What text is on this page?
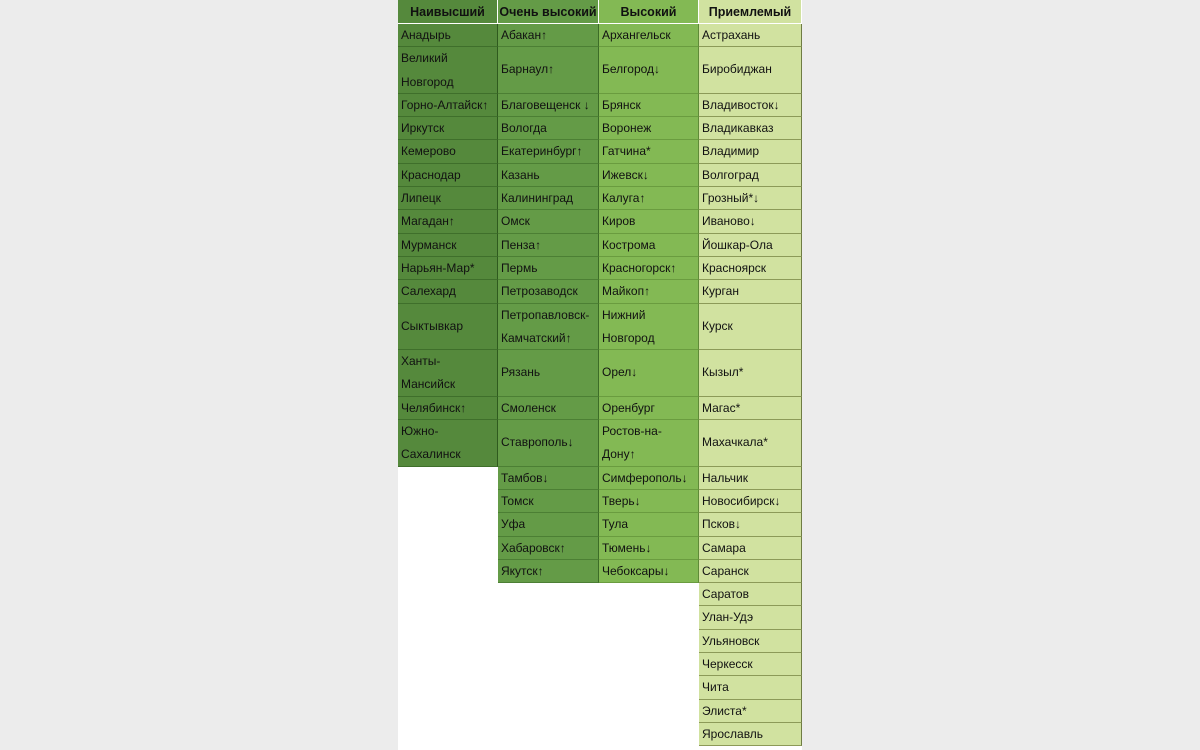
Наивысший
Анадырь
Великий Новгород
Горно-Алтайск↑
Иркутск
Кемерово
Краснодар
Липецк
Магадан↑
Мурманск
Нарьян-Мар*
Салехард
Сыктывкар
Ханты-Мансийск
Челябинск↑
Южно-Сахалинск
Очень высокий
Абакан↑
Барнаул↑
Благовещенск ↓
Вологда
Екатеринбург↑
Казань
Калининград
Омск
Пенза↑
Пермь
Петрозаводск
Петропавловск-Камчатский↑
Рязань
Смоленск
Ставрополь↓
Тамбов↓
Томск
Уфа
Хабаровск↑
Якутск↑
Высокий
Архангельск
Белгород↓
Брянск
Воронеж
Гатчина*
Ижевск↓
Калуга↑
Киров
Кострома
Красногорск↑
Майкоп↑
Нижний Новгород
Орел↓
Оренбург
Ростов-на-Дону↑
Симферополь↓
Тверь↓
Тула
Тюмень↓
Чебоксары↓
Приемлемый
Астрахань
Биробиджан
Владивосток↓
Владикавказ
Владимир
Волгоград
Грозный*↓
Иваново↓
Йошкар-Ола
Красноярск
Курган
Курск
Кызыл*
Магас*
Махачкала*
Нальчик
Новосибирск↓
Псков↓
Самара
Саранск
Саратов
Улан-Удэ
Ульяновск
Черкесск
Чита
Элиста*
Ярославль
